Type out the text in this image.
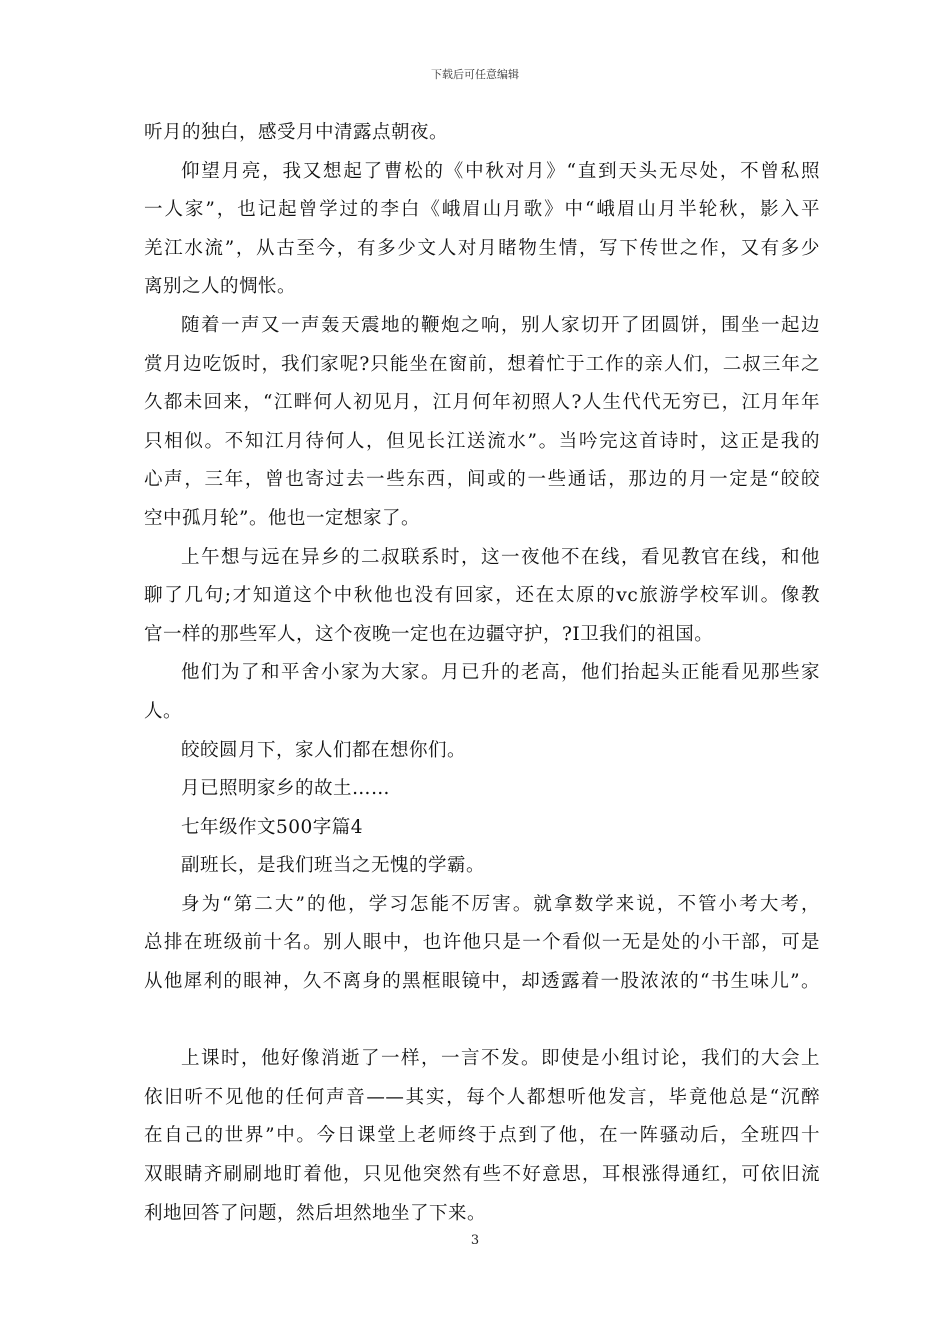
下载后可任意编辑
听月的独白，感受月中清露点朝夜。
仰望月亮，我又想起了曹松的《中秋对月》“直到天头无尽处，不曾私照
一人家”，也记起曾学过的李白《峨眉山月歌》中“峨眉山月半轮秋，影入平
羌江水流”，从古至今，有多少文人对月睹物生情，写下传世之作，又有多少
离别之人的惆怅。
随着一声又一声轰天震地的鞭炮之响，别人家切开了团圆饼，围坐一起边
赏月边吃饭时，我们家呢?只能坐在窗前，想着忙于工作的亲人们，二叔三年之
久都未回来，“江畔何人初见月，江月何年初照人?人生代代无穷已，江月年年
只相似。不知江月待何人，但见长江送流水”。当吟完这首诗时，这正是我的
心声，三年，曾也寄过去一些东西，间或的一些通话，那边的月一定是“皎皎
空中孤月轮”。他也一定想家了。
上午想与远在异乡的二叔联系时，这一夜他不在线，看见教官在线，和他
聊了几句;才知道这个中秋他也没有回家，还在太原的vc旅游学校军训。像教
官一样的那些军人，这个夜晚一定也在边疆守护，?I卫我们的祖国。
他们为了和平舍小家为大家。月已升的老高，他们抬起头正能看见那些家
人。
皎皎圆月下，家人们都在想你们。
月已照明家乡的故土……
七年级作文500字篇4
副班长，是我们班当之无愧的学霸。
身为“第二大”的他，学习怎能不厉害。就拿数学来说，不管小考大考，
总排在班级前十名。别人眼中，也许他只是一个看似一无是处的小干部，可是
从他犀利的眼神，久不离身的黑框眼镜中，却透露着一股浓浓的“书生味儿”。
上课时，他好像消逝了一样，一言不发。即使是小组讨论，我们的大会上
依旧听不见他的任何声音——其实，每个人都想听他发言，毕竟他总是“沉醉
在自己的世界”中。今日课堂上老师终于点到了他，在一阵骚动后，全班四十
双眼睛齐刷刷地盯着他，只见他突然有些不好意思，耳根涨得通红，可依旧流
利地回答了问题，然后坦然地坐了下来。
3
